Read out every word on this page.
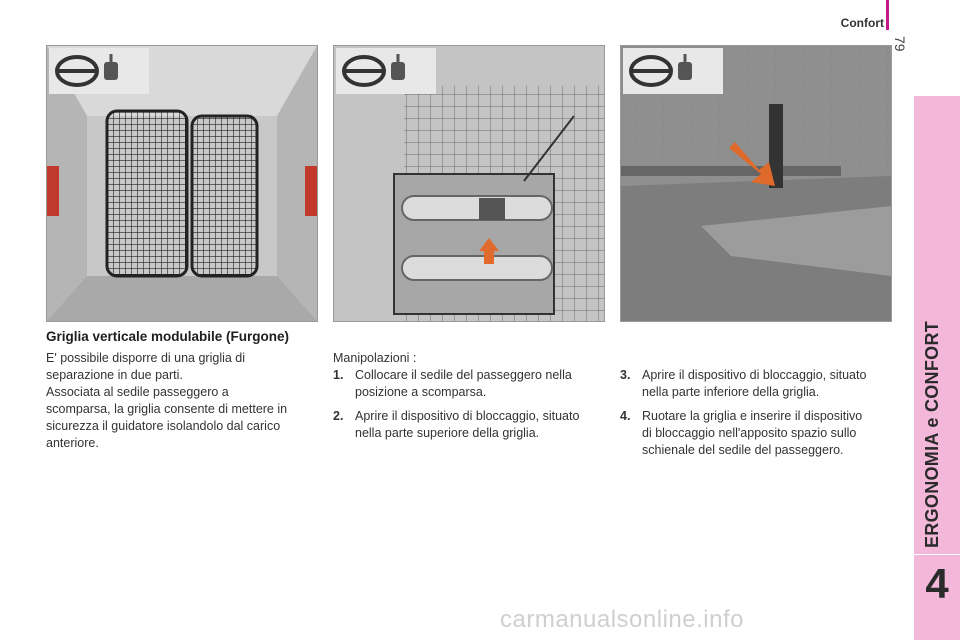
Confort
79
ERGONOMIA e CONFORT
4
Griglia verticale modulabile (Furgone)
E' possibile disporre di una griglia di
separazione in due parti.
Associata al sedile passeggero a
scomparsa, la griglia consente di mettere in
sicurezza il guidatore isolandolo dal carico
anteriore.
Manipolazioni :
1. Collocare il sedile del passeggero nella
posizione a scomparsa.
2. Aprire il dispositivo di bloccaggio, situato
nella parte superiore della griglia.
3. Aprire il dispositivo di bloccaggio, situato
nella parte inferiore della griglia.
4. Ruotare la griglia e inserire il dispositivo
di bloccaggio nell'apposito spazio sullo
schienale del sedile del passeggero.
carmanualsonline.info
